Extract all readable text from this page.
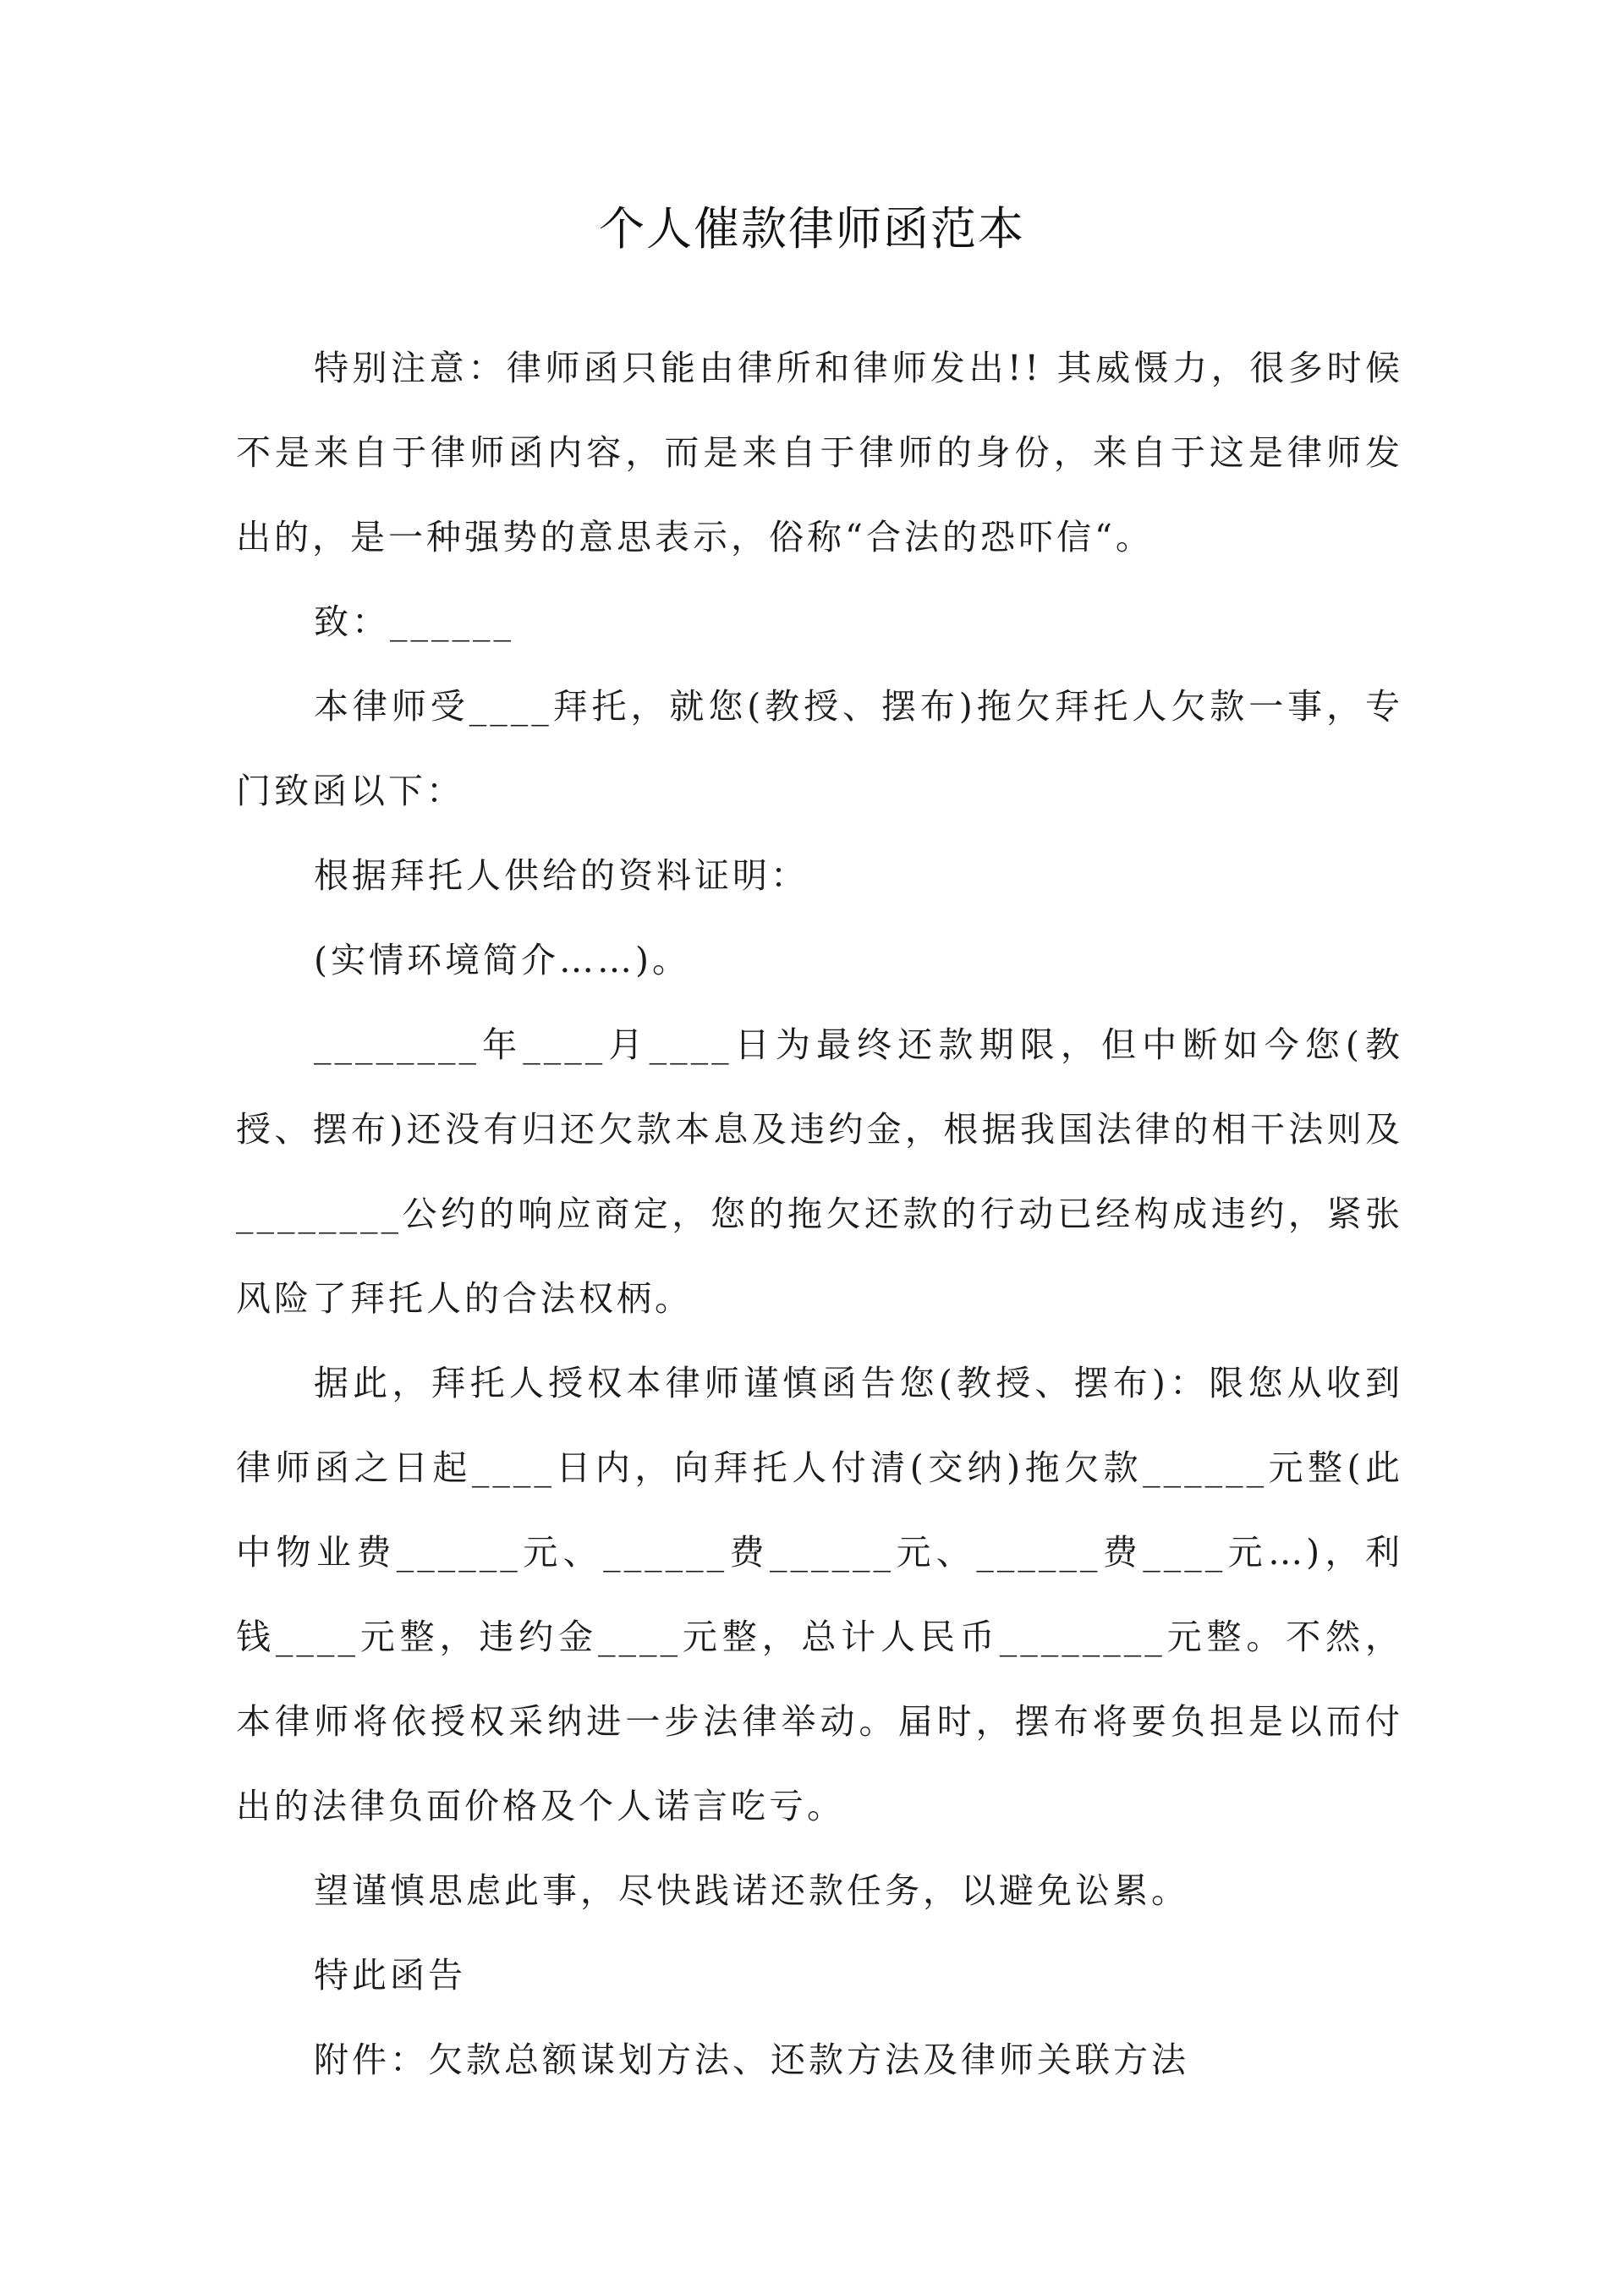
个人催款律师函范本

特别注意：律师函只能由律所和律师发出!! 其威慑力，很多时候不是来自于律师函内容，而是来自于律师的身份，来自于这是律师发出的，是一种强势的意思表示，俗称“合法的恐吓信“。

致：______

本律师受____拜托，就您(教授、摆布)拖欠拜托人欠款一事，专门致函以下：

根据拜托人供给的资料证明：

(实情环境简介……)。

________年____月____日为最终还款期限，但中断如今您(教授、摆布)还没有归还欠款本息及违约金，根据我国法律的相干法则及________公约的响应商定，您的拖欠还款的行动已经构成违约，紧张风险了拜托人的合法权柄。

据此，拜托人授权本律师谨慎函告您(教授、摆布)：限您从收到律师函之日起____日内，向拜托人付清(交纳)拖欠款______元整(此中物业费______元、______费______元、______费____元…)，利钱____元整，违约金____元整，总计人民币________元整。不然，本律师将依授权采纳进一步法律举动。届时，摆布将要负担是以而付出的法律负面价格及个人诺言吃亏。

望谨慎思虑此事，尽快践诺还款任务，以避免讼累。

特此函告

附件：欠款总额谋划方法、还款方法及律师关联方法
